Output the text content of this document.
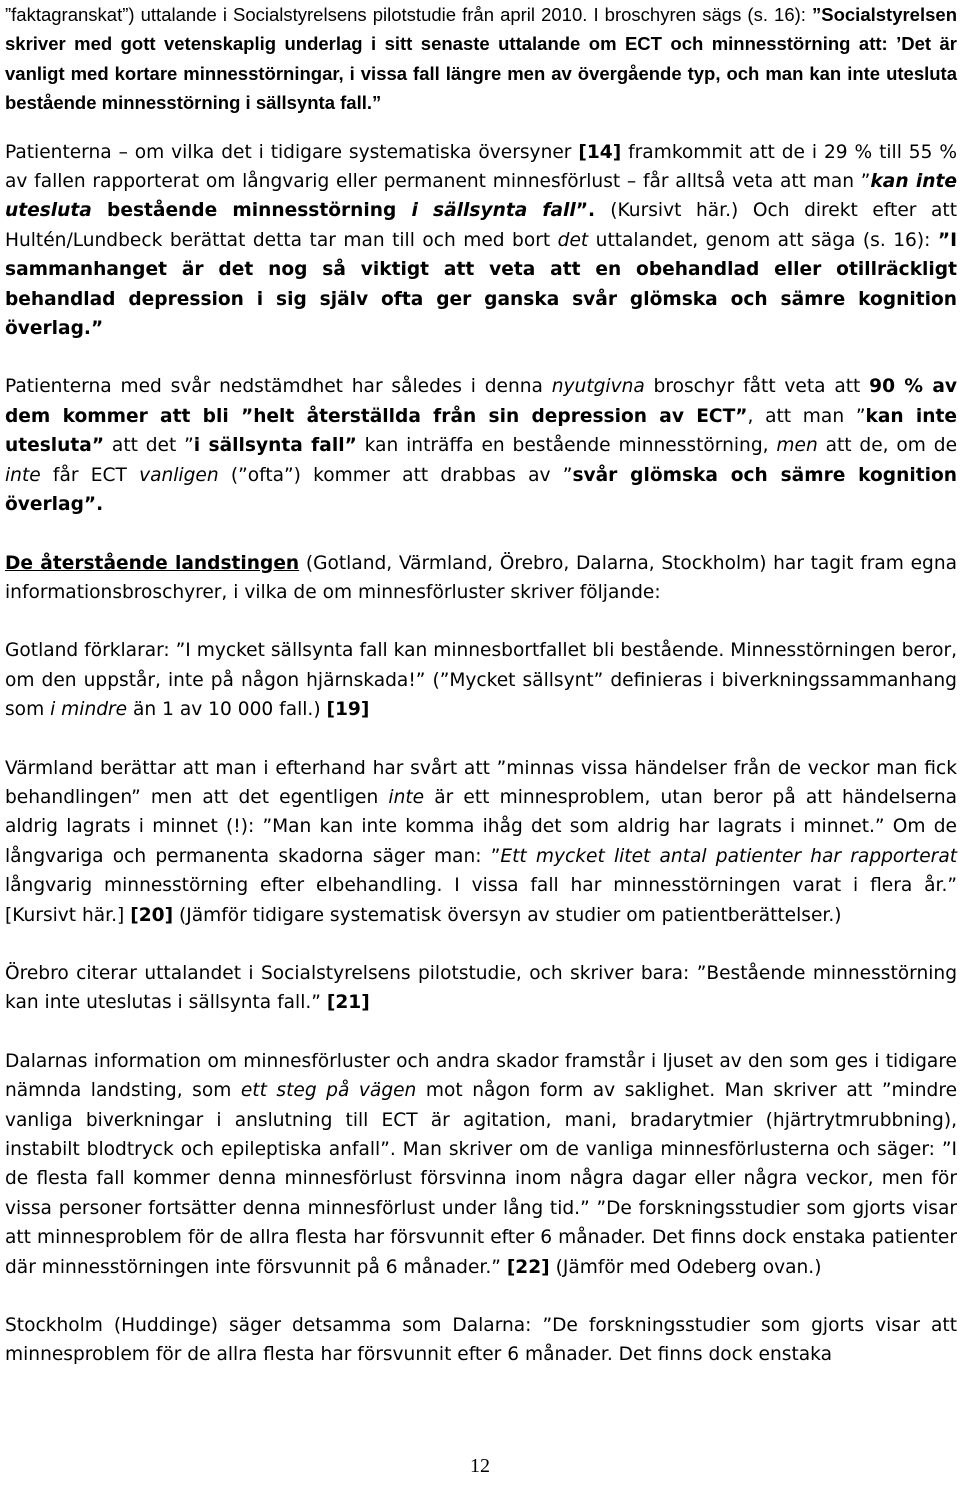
”faktagranskat”) uttalande i Socialstyrelsens pilotstudie från april 2010. I broschyren sägs (s. 16): ”Socialstyrelsen skriver med gott vetenskaplig underlag i sitt senaste uttalande om ECT och minnesstörning att: ’Det är vanligt med kortare minnesstörningar, i vissa fall längre men av övergående typ, och man kan inte utesluta bestående minnesstörning i sällsynta fall.”

Patienterna – om vilka det i tidigare systematiska översyner [14] framkommit att de i 29 % till 55 % av fallen rapporterat om långvarig eller permanent minnesförlust – får alltså veta att man ”kan inte utesluta bestående minnesstörning i sällsynta fall”. (Kursivt här.) Och direkt efter att Hultén/Lundbeck berättat detta tar man till och med bort det uttalandet, genom att säga (s. 16): ”I sammanhanget är det nog så viktigt att veta att en obehandlad eller otillräckligt behandlad depression i sig själv ofta ger ganska svår glömska och sämre kognition överlag.”

Patienterna med svår nedstämdhet har således i denna nyutgivna broschyr fått veta att 90 % av dem kommer att bli ”helt återställda från sin depression av ECT”, att man ”kan inte utesluta” att det ”i sällsynta fall” kan inträffa en bestående minnesstörning, men att de, om de inte får ECT vanligen (”ofta”) kommer att drabbas av ”svår glömska och sämre kognition överlag”.

De återstående landstingen (Gotland, Värmland, Örebro, Dalarna, Stockholm) har tagit fram egna informationsbroschyrer, i vilka de om minnesförluster skriver följande:

Gotland förklarar: ”I mycket sällsynta fall kan minnesbortfallet bli bestående. Minnesstörningen beror, om den uppstår, inte på någon hjärnskada!” (”Mycket sällsynt” definieras i biverkningssammanhang som i mindre än 1 av 10 000 fall.) [19]

Värmland berättar att man i efterhand har svårt att ”minnas vissa händelser från de veckor man fick behandlingen” men att det egentligen inte är ett minnesproblem, utan beror på att händelserna aldrig lagrats i minnet (!): ”Man kan inte komma ihåg det som aldrig har lagrats i minnet.” Om de långvariga och permanenta skadorna säger man: ”Ett mycket litet antal patienter har rapporterat långvarig minnesstörning efter elbehandling. I vissa fall har minnesstörningen varat i flera år.” [Kursivt här.] [20] (Jämför tidigare systematisk översyn av studier om patientberättelser.)

Örebro citerar uttalandet i Socialstyrelsens pilotstudie, och skriver bara: ”Bestående minnesstörning kan inte uteslutas i sällsynta fall.” [21]

Dalarnas information om minnesförluster och andra skador framstår i ljuset av den som ges i tidigare nämnda landsting, som ett steg på vägen mot någon form av saklighet. Man skriver att ”mindre vanliga biverkningar i anslutning till ECT är agitation, mani, bradarytmier (hjärtrytmrubbning), instabilt blodtryck och epileptiska anfall”. Man skriver om de vanliga minnesförlusterna och säger: ”I de flesta fall kommer denna minnesförlust försvinna inom några dagar eller några veckor, men för vissa personer fortsätter denna minnesförlust under lång tid.” ”De forskningsstudier som gjorts visar att minnesproblem för de allra flesta har försvunnit efter 6 månader. Det finns dock enstaka patienter där minnesstörningen inte försvunnit på 6 månader.” [22] (Jämför med Odeberg ovan.)

Stockholm (Huddinge) säger detsamma som Dalarna: ”De forskningsstudier som gjorts visar att minnesproblem för de allra flesta har försvunnit efter 6 månader. Det finns dock enstaka

12
